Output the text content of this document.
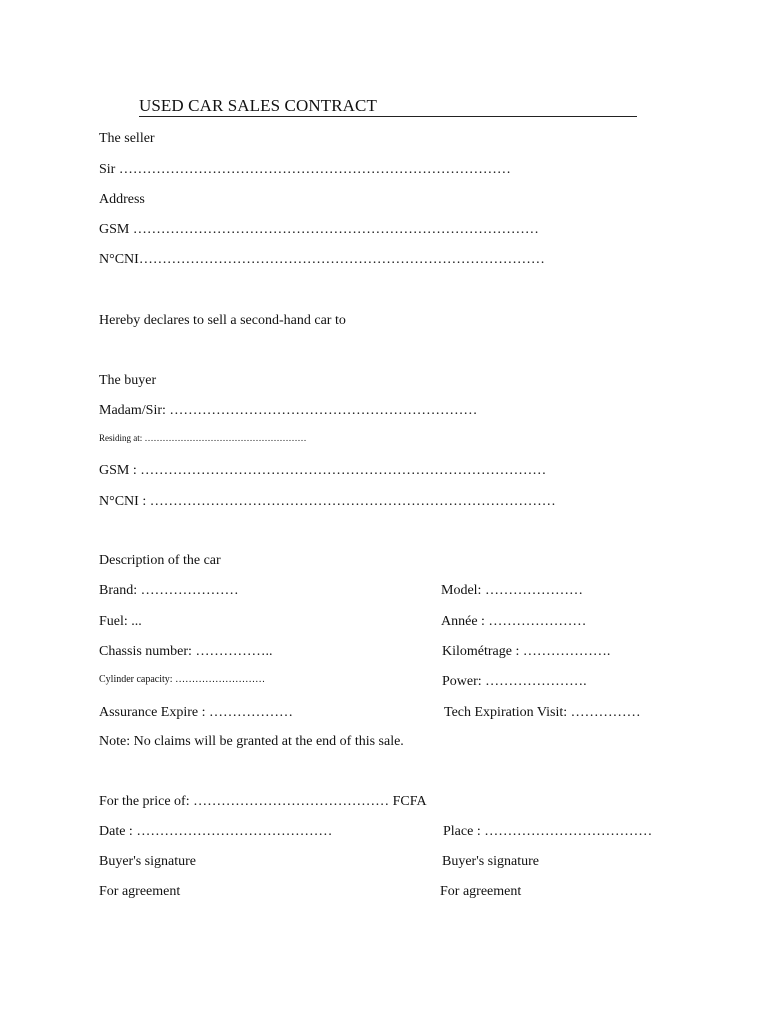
USED CAR SALES CONTRACT
The seller
Sir …………………………………………………………………………
Address
GSM ……………………………………………………………………………
N°CNI……………………………………………………………………………
Hereby declares to sell a second-hand car to
The buyer
Madam/Sir: …………………………………………………………
Residing at: ………………………………………………
GSM : ……………………………………………………………………………
N°CNI : ……………………………………………………………………………
Description of the car
Brand: …………………	Model: …………………
Fuel: ...	Année : …………………
Chassis number: ……………..	Kilométrage : ……………….
Cylinder capacity: ………………………	Power: ………………….
Assurance Expire : ………………	Tech Expiration Visit: ……………
Note: No claims will be granted at the end of this sale.
For the price of: …………………………………… FCFA
Date : ……………………………………	Place : ………………………………
Buyer's signature	Buyer's signature
For agreement	For agreement
